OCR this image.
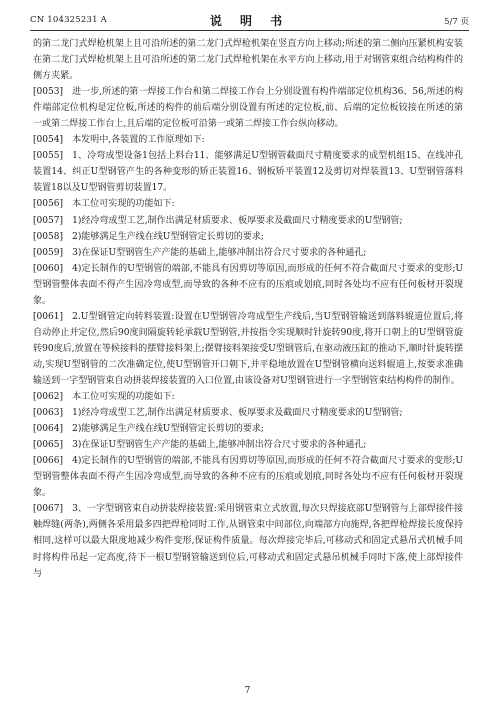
CN 104325231 A	说 明 书	5/7 页

的第二龙门式焊枪机架上且可沿所述的第二龙门式焊枪机架在竖直方向上移动;所述的第二侧向压紧机构安装在第二龙门式焊枪机架上且可沿所述的第二龙门式焊枪机架在水平方向上移动,用于对钢管束组合结构构件的侧方夹紧。

[0053] 进一步,所述的第一焊接工作台和第二焊接工作台上分别设置有构件端部定位机构36、56,所述的构件端部定位机构是定位板,所述的构件的前后端分别设置有所述的定位板,前、后端的定位板铰接在所述的第一或第二焊接工作台上,且后端的定位板可沿第一或第二焊接工作台纵向移动。

[0054] 本发明中,各装置的工作原理如下:

[0055] 1、冷弯成型设备1包括上料台11、能够满足U型钢管截面尺寸精度要求的成型机组15、在线冲孔装置14、纠正U型钢管产生的各种变形的矫正装置16、钢板矫平装置12及剪切对焊装置13、U型钢管落料装置18以及U型钢管剪切装置17。

[0056] 本工位可实现的功能如下:

[0057] 1)经冷弯成型工艺,制作出满足材质要求、板厚要求及截面尺寸精度要求的U型钢管;

[0058] 2)能够满足生产线在线U型钢管定长剪切的要求;

[0059] 3)在保证U型钢管生产产能的基础上,能够冲制出符合尺寸要求的各种通孔;

[0060] 4)定长制作的U型钢管的端部,不能具有因剪切等原因,而形成的任何不符合截面尺寸要求的变形;U型钢管整体表面不得产生因冷弯成型,而导致的各种不应有的压痕或划痕,同时各处均不应有任何板材开裂现象。

[0061] 2.U型钢管定向转料装置:设置在U型钢管冷弯成型生产线后,当U型钢管输送到落料辊道位置后,将自动停止并定位,然后90度间隔旋转轮承载U型钢管,并按指令实现顺时针旋转90度,将开口朝上的U型钢管旋转90度后,放置在等候接料的摆臂接料架上;摆臂接料架接受U型钢管后,在驱动液压缸的推动下,顺时针旋转摆动,实现U型钢管的二次准确定位,使U型钢管开口朝下,并平稳地放置在U型钢管横向送料辊道上,按要求准确输送到一字型钢管束自动拼装焊接装置的入口位置,由该设备对U型钢管进行一字型钢管束结构构件的制作。

[0062] 本工位可实现的功能如下:

[0063] 1)经冷弯成型工艺,制作出满足材质要求、板厚要求及截面尺寸精度要求的U型钢管;

[0064] 2)能够满足生产线在线U型钢管定长剪切的要求;

[0065] 3)在保证U型钢管生产产能的基础上,能够冲制出符合尺寸要求的各种通孔;

[0066] 4)定长制作的U型钢管的端部,不能具有因剪切等原因,而形成的任何不符合截面尺寸要求的变形;U型钢管整体表面不得产生因冷弯成型,而导致的各种不应有的压痕或划痕,同时各处均不应有任何板材开裂现象。

[0067] 3、一字型钢管束自动拼装焊接装置:采用钢管束立式放置,每次只焊接底部U型钢管与上部焊接件接触焊缝(两条),两侧各采用最多四把焊枪同时工作,从钢管束中间部位,向端部方向施焊,各把焊枪焊接长度保持相同,这样可以最大限度地减少构件变形,保证构件质量。每次焊接完毕后,可移动式和固定式悬吊式机械手同时将构件吊起一定高度,待下一根U型钢管输送到位后,可移动式和固定式悬吊机械手同时下落,使上部焊接件与

7
